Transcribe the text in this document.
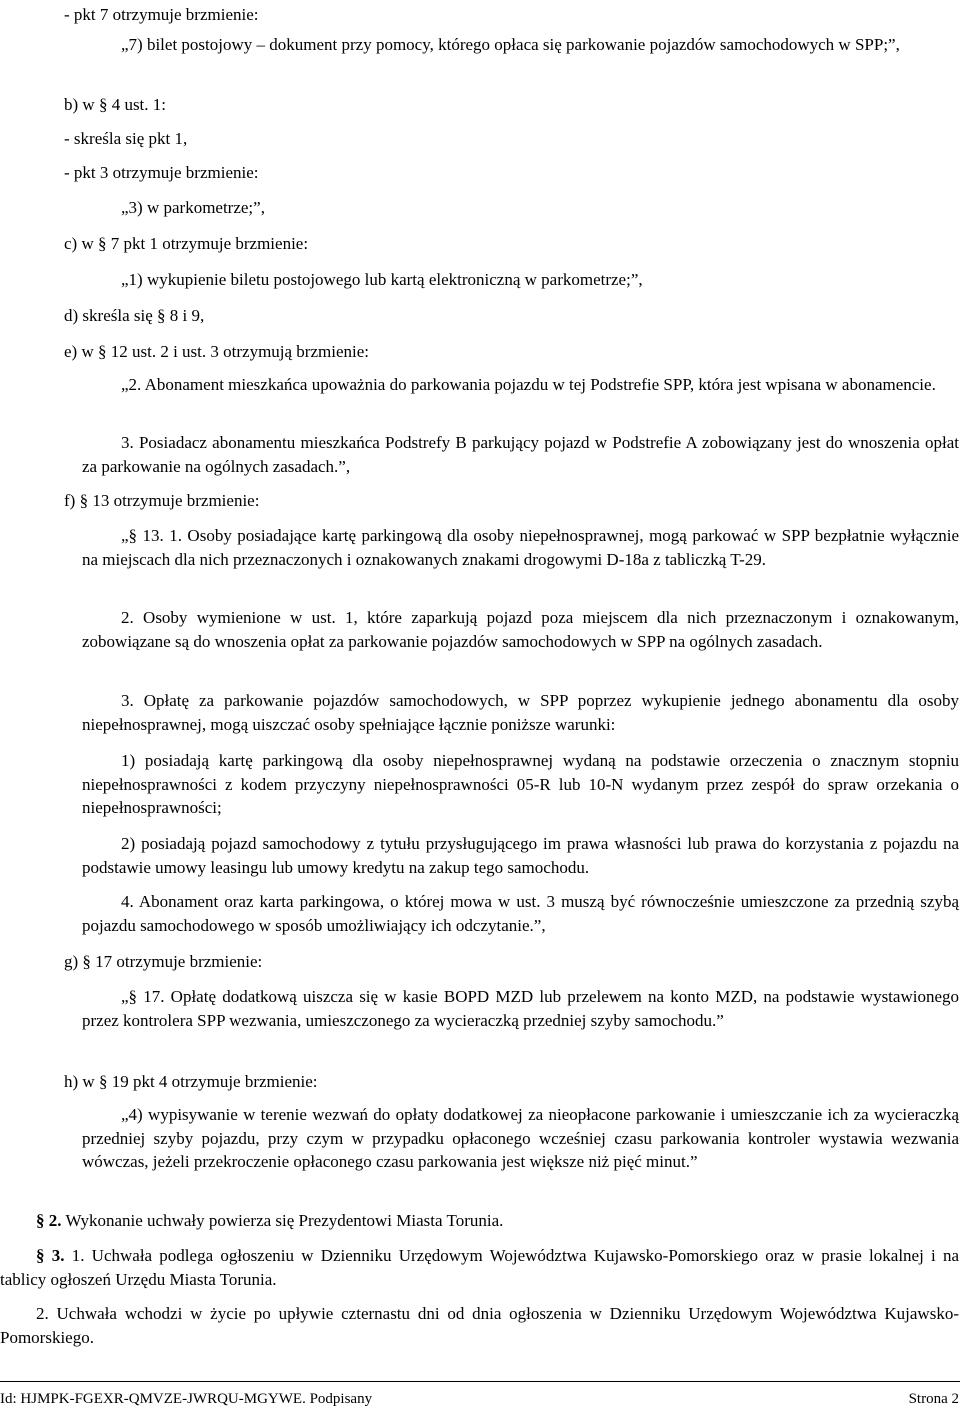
- pkt 7 otrzymuje brzmienie:
„7) bilet postojowy – dokument przy pomocy, którego opłaca się parkowanie pojazdów samochodowych w SPP;”,
b) w § 4 ust. 1:
- skreśla się pkt 1,
- pkt 3 otrzymuje brzmienie:
„3) w parkometrze;”,
c) w § 7 pkt 1 otrzymuje brzmienie:
„1) wykupienie biletu postojowego lub kartą elektroniczną w parkometrze;”,
d) skreśla się § 8 i 9,
e) w § 12 ust. 2 i ust. 3 otrzymują brzmienie:
„2. Abonament mieszkańca upoważnia do parkowania pojazdu w tej Podstrefie SPP, która jest wpisana w abonamencie.
3. Posiadacz abonamentu mieszkańca Podstrefy B parkujący pojazd w Podstrefie A zobowiązany jest do wnoszenia opłat za parkowanie na ogólnych zasadach.”,
f) § 13 otrzymuje brzmienie:
„§ 13. 1. Osoby posiadające kartę parkingową dla osoby niepełnosprawnej, mogą parkować w SPP bezpłatnie wyłącznie na miejscach dla nich przeznaczonych i oznakowanych znakami drogowymi D-18a z tabliczką T-29.
2. Osoby wymienione w ust. 1, które zaparkują pojazd poza miejscem dla nich przeznaczonym i oznakowanym, zobowiązane są do wnoszenia opłat za parkowanie pojazdów samochodowych w SPP na ogólnych zasadach.
3. Opłatę za parkowanie pojazdów samochodowych, w SPP poprzez wykupienie jednego abonamentu dla osoby niepełnosprawnej, mogą uiszczać osoby spełniające łącznie poniższe warunki:
1) posiadają kartę parkingową dla osoby niepełnosprawnej wydaną na podstawie orzeczenia o znacznym stopniu niepełnosprawności z kodem przyczyny niepełnosprawności 05-R lub 10-N wydanym przez zespół do spraw orzekania o niepełnosprawności;
2) posiadają pojazd samochodowy z tytułu przysługującego im prawa własności lub prawa do korzystania z pojazdu na podstawie umowy leasingu lub umowy kredytu na zakup tego samochodu.
4. Abonament oraz karta parkingowa, o której mowa w ust. 3 muszą być równocześnie umieszczone za przednią szybą pojazdu samochodowego w sposób umożliwiający ich odczytanie.”,
g) § 17 otrzymuje brzmienie:
„§ 17. Opłatę dodatkową uiszcza się w kasie BOPD MZD lub przelewem na konto MZD, na podstawie wystawionego przez kontrolera SPP wezwania, umieszczonego za wycieraczką przedniej szyby samochodu.”
h) w § 19 pkt 4 otrzymuje brzmienie:
„4) wypisywanie w terenie wezwań do opłaty dodatkowej za nieopłacone parkowanie i umieszczanie ich za wycieraczką przedniej szyby pojazdu, przy czym w przypadku opłaconego wcześniej czasu parkowania kontroler wystawia wezwania wówczas, jeżeli przekroczenie opłaconego czasu parkowania jest większe niż pięć minut.”
§ 2. Wykonanie uchwały powierza się Prezydentowi Miasta Torunia.
§ 3. 1. Uchwała podlega ogłoszeniu w Dzienniku Urzędowym Województwa Kujawsko-Pomorskiego oraz w prasie lokalnej i na tablicy ogłoszeń Urzędu Miasta Torunia.
2. Uchwała wchodzi w życie po upływie czternastu dni od dnia ogłoszenia w Dzienniku Urzędowym Województwa Kujawsko-Pomorskiego.
Id: HJMPK-FGEXR-QMVZE-JWRQU-MGYWE. Podpisany	Strona 2
